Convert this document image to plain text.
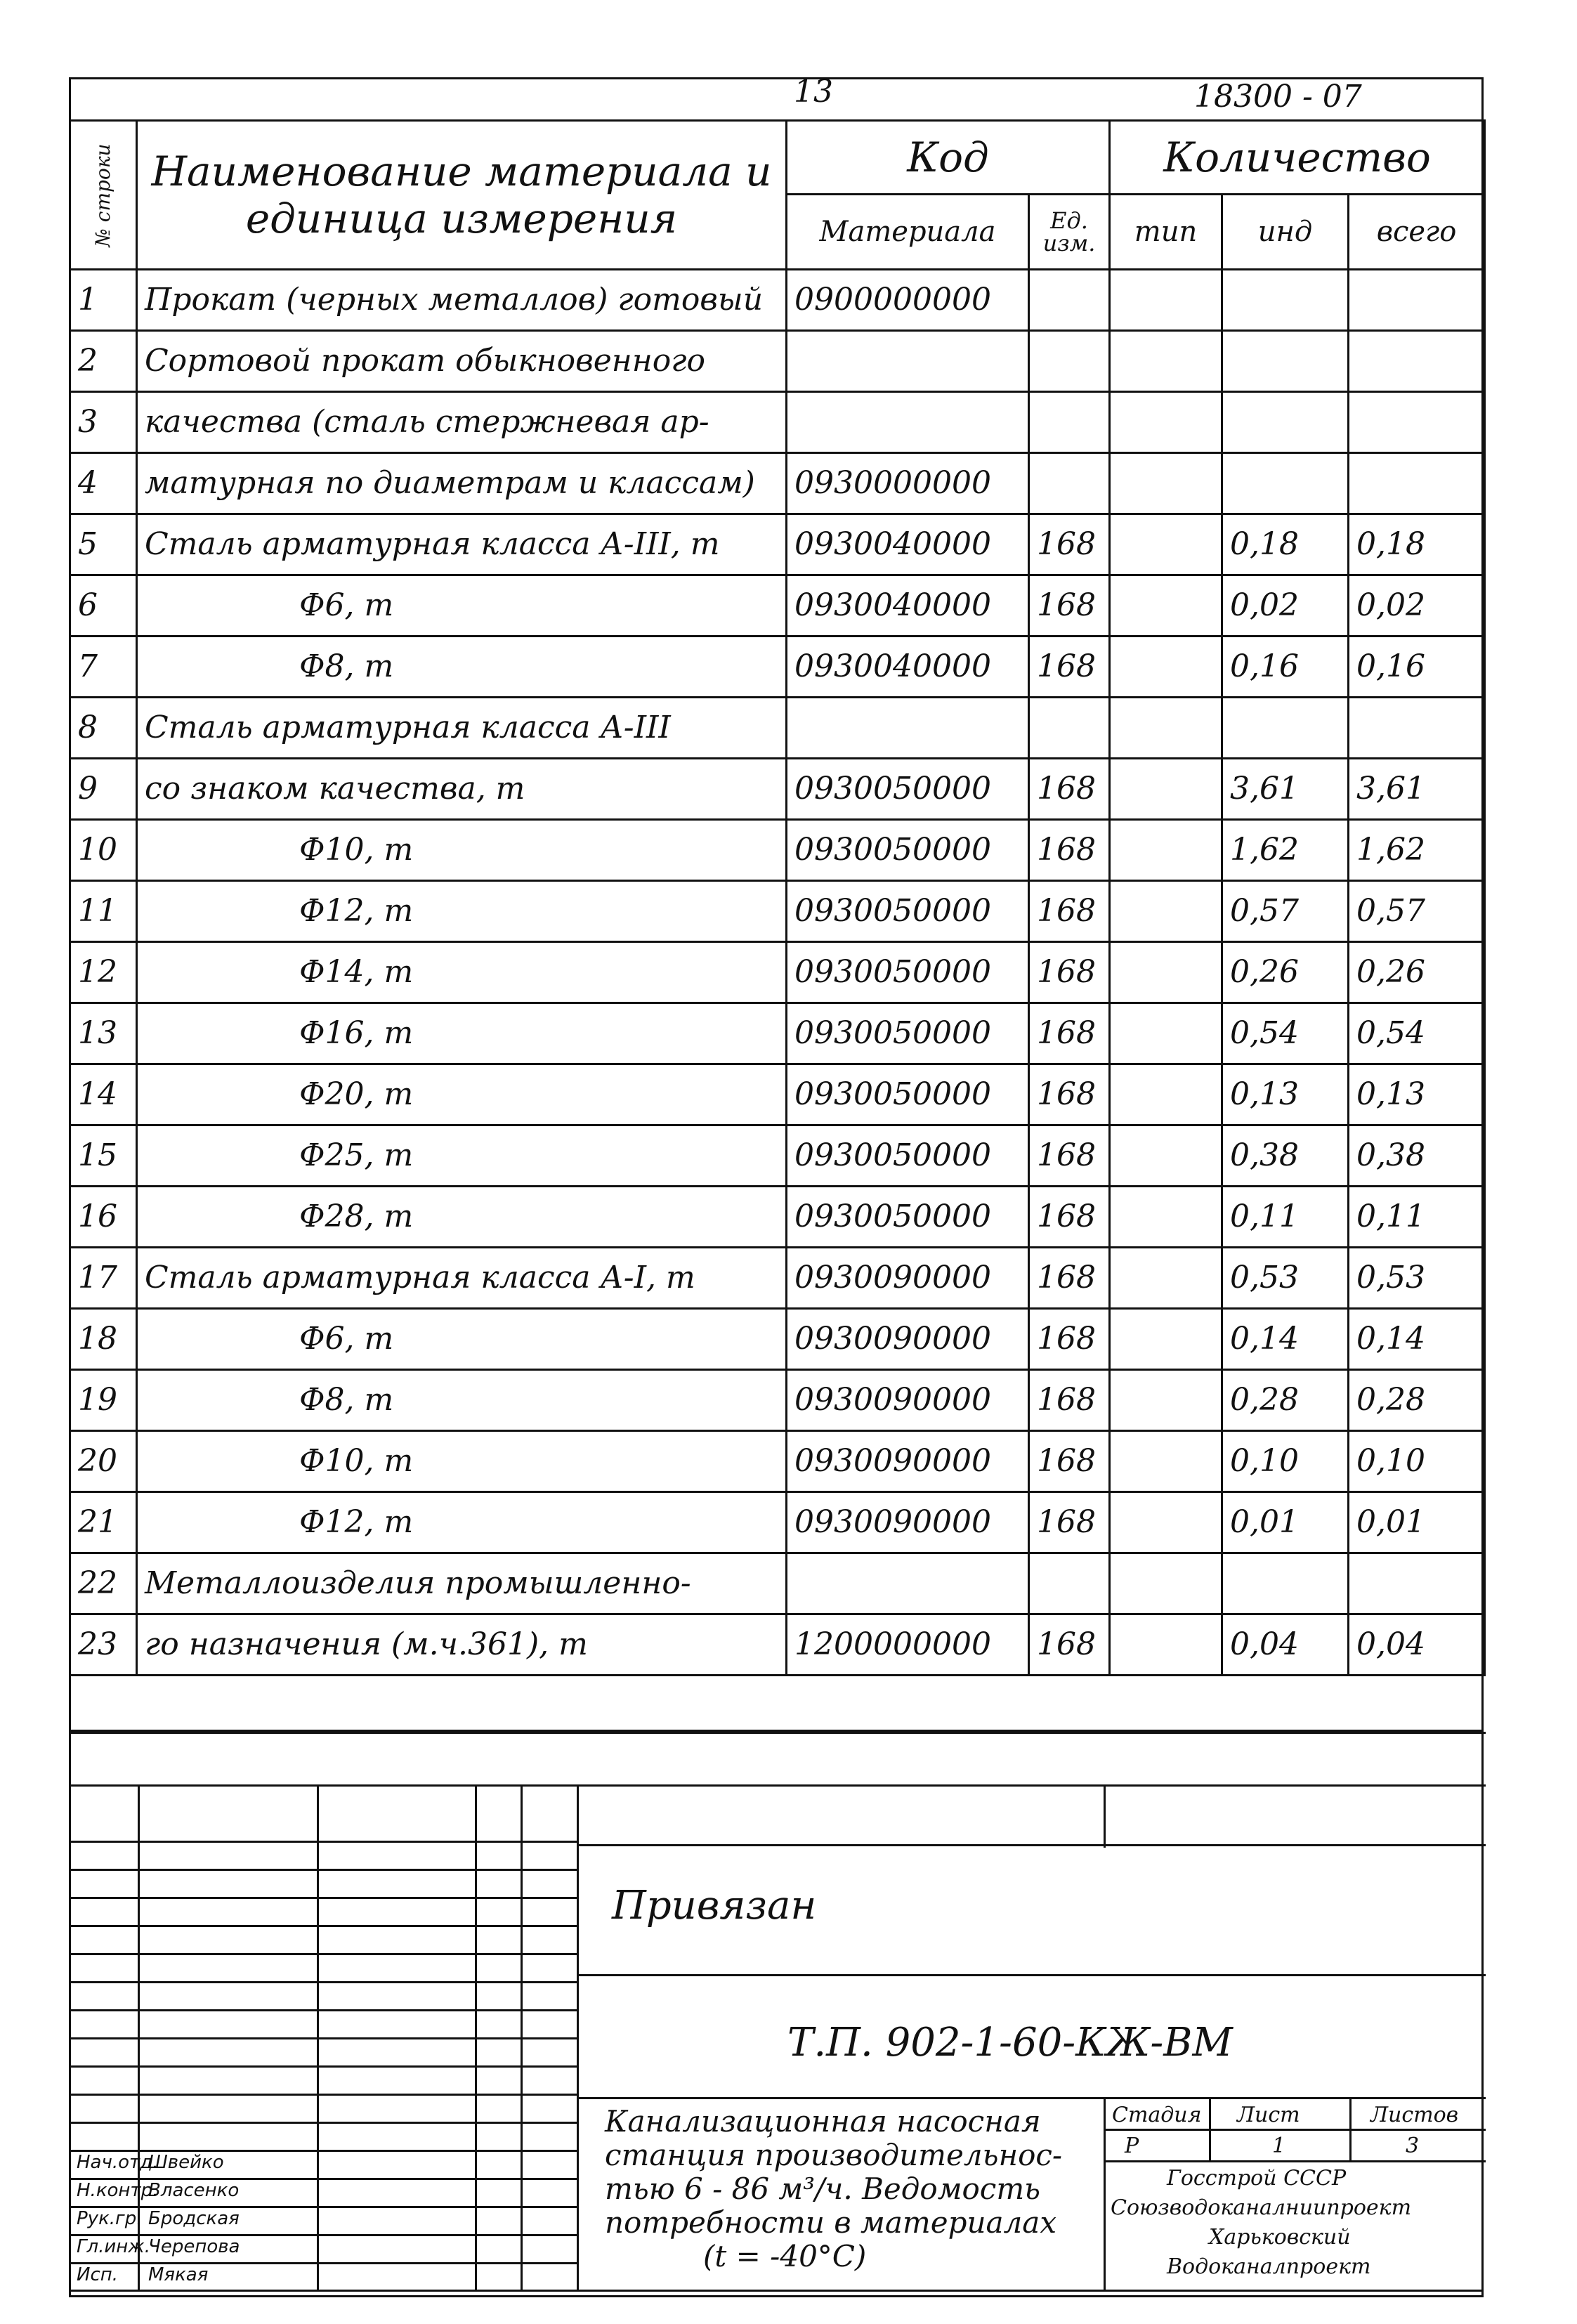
13	18300 - 07
№ строки	Наименование материала и единица измерения	Код		Количество		
		Материала	Ед. изм.	тип	инд	всего
1	Прокат (черных металлов) готовый	0900000000				
2	Сортовой прокат обыкновенного					
3	качества (сталь стержневая ар-					
4	матурная по диаметрам и классам)	0930000000				
5	Сталь арматурная класса А-III, т	0930040000	168		0,18	0,18
6	Ф6, т	0930040000	168		0,02	0,02
7	Ф8, т	0930040000	168		0,16	0,16
8	Сталь арматурная класса А-III					
9	со знаком качества, т	0930050000	168		3,61	3,61
10	Ф10, т	0930050000	168		1,62	1,62
11	Ф12, т	0930050000	168		0,57	0,57
12	Ф14, т	0930050000	168		0,26	0,26
13	Ф16, т	0930050000	168		0,54	0,54
14	Ф20, т	0930050000	168		0,13	0,13
15	Ф25, т	0930050000	168		0,38	0,38
16	Ф28, т	0930050000	168		0,11	0,11
17	Сталь арматурная класса А-I, т	0930090000	168		0,53	0,53
18	Ф6, т	0930090000	168		0,14	0,14
19	Ф8, т	0930090000	168		0,28	0,28
20	Ф10, т	0930090000	168		0,10	0,10
21	Ф12, т	0930090000	168		0,01	0,01
22	Металлоизделия промышленно-					
23	го назначения (м.ч.361), т	1200000000	168		0,04	0,04
Привязан
Т.П. 902-1-60-КЖ-ВМ
Канализационная насосная
станция производительнос-
тью 6 - 86 м³/ч. Ведомость
потребности в материалах
(t = -40°С)
Стадия Лист	Листов
Р	1	3
Госстрой СССР
Союзводоканалниипроект
Харьковский
Водоканалпроект
Нач.отд.
Швейко
Н.контр.
Власенко
Рук.гр. Бродская
Гл.инж.
Черепова
Исп. Мякая
